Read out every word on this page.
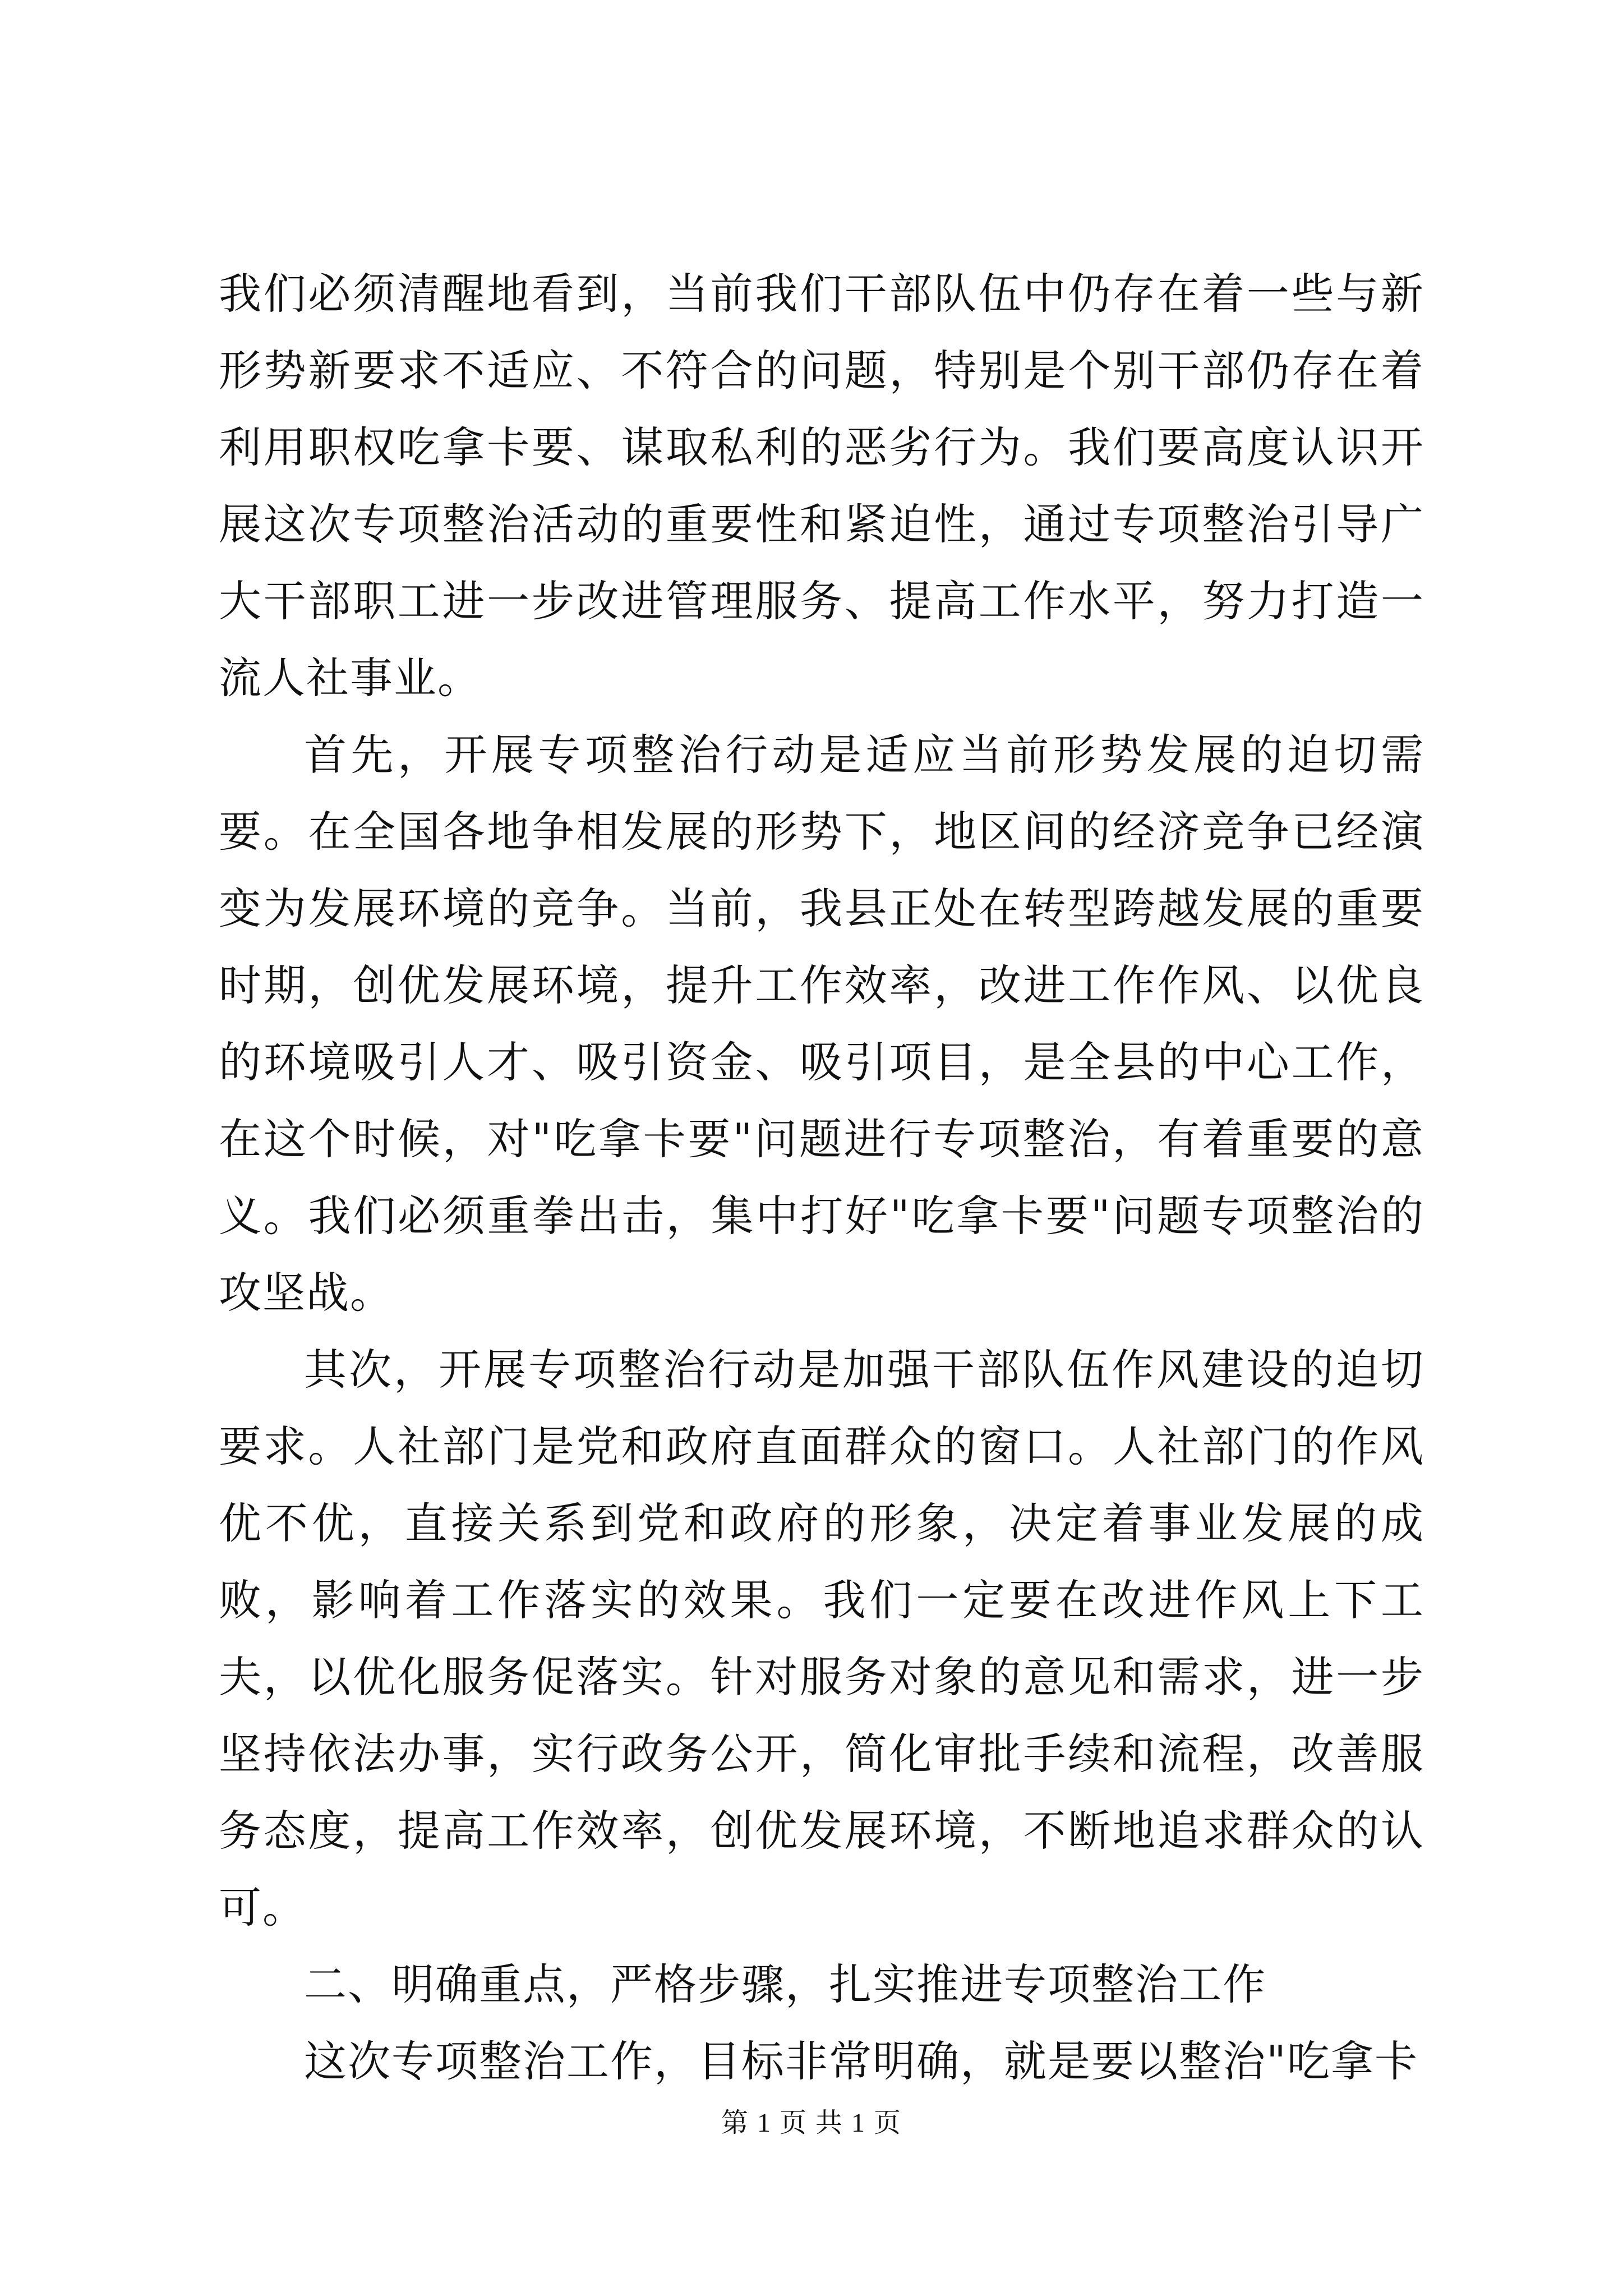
我们必须清醒地看到，当前我们干部队伍中仍存在着一些与新形势新要求不适应、不符合的问题，特别是个别干部仍存在着利用职权吃拿卡要、谋取私利的恶劣行为。我们要高度认识开展这次专项整治活动的重要性和紧迫性，通过专项整治引导广大干部职工进一步改进管理服务、提高工作水平，努力打造一流人社事业。

首先，开展专项整治行动是适应当前形势发展的迫切需要。在全国各地争相发展的形势下，地区间的经济竞争已经演变为发展环境的竞争。当前，我县正处在转型跨越发展的重要时期，创优发展环境，提升工作效率，改进工作作风、以优良的环境吸引人才、吸引资金、吸引项目，是全县的中心工作，在这个时候，对"吃拿卡要"问题进行专项整治，有着重要的意义。我们必须重拳出击，集中打好"吃拿卡要"问题专项整治的攻坚战。

其次，开展专项整治行动是加强干部队伍作风建设的迫切要求。人社部门是党和政府直面群众的窗口。人社部门的作风优不优，直接关系到党和政府的形象，决定着事业发展的成败，影响着工作落实的效果。我们一定要在改进作风上下工夫，以优化服务促落实。针对服务对象的意见和需求，进一步坚持依法办事，实行政务公开，简化审批手续和流程，改善服务态度，提高工作效率，创优发展环境，不断地追求群众的认可。

二、明确重点，严格步骤，扎实推进专项整治工作

这次专项整治工作，目标非常明确，就是要以整治"吃拿卡

第 1 页 共 1 页
